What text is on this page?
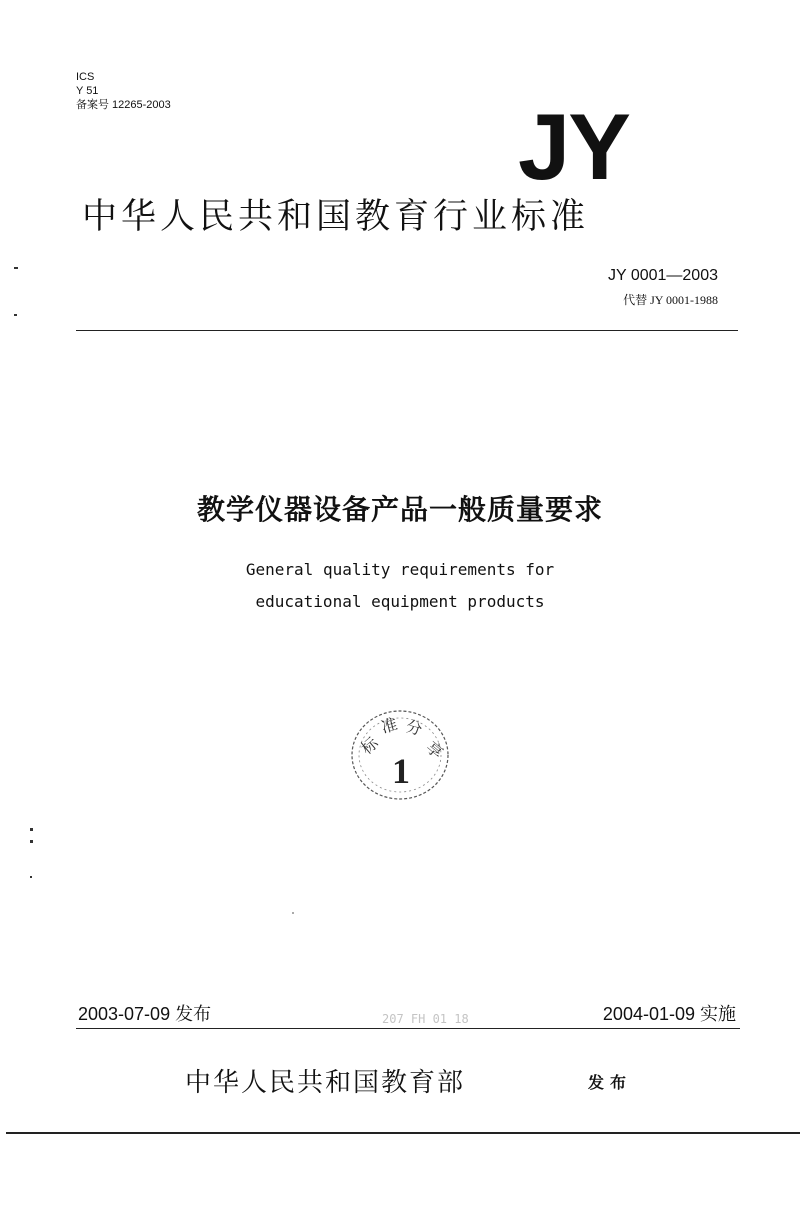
ICS
Y 51
备案号 12265-2003	JY
中华人民共和国教育行业标准
JY 0001—2003
代替 JY 0001-1988
教学仪器设备产品一般质量要求
General quality requirements for
educational equipment products
标
准 分
享
1
2003-07-09 发布	207 FH 01 18	2004-01-09 实施
中华人民共和国教育部	发布
